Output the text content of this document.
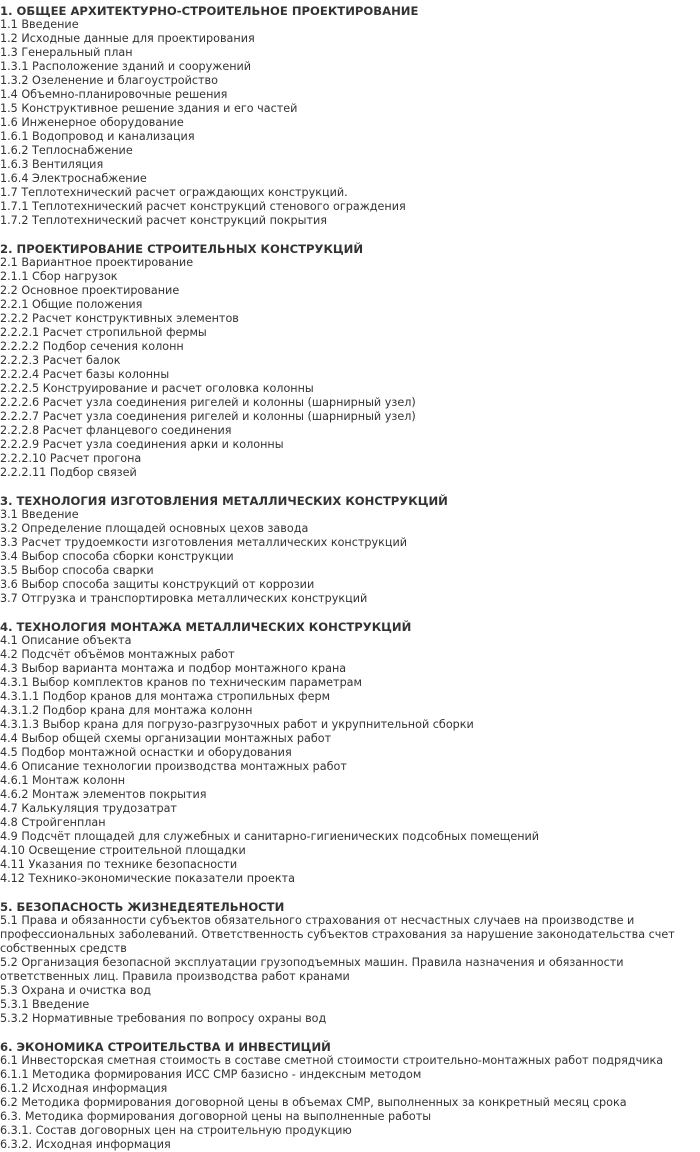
1. ОБЩЕЕ АРХИТЕКТУРНО-СТРОИТЕЛЬНОЕ ПРОЕКТИРОВАНИЕ
1.1 Введение
1.2 Исходные данные для проектирования
1.3 Генеральный план
1.3.1 Расположение зданий и сооружений
1.3.2 Озеленение и благоустройство
1.4 Объемно-планировочные решения
1.5 Конструктивное решение здания и его частей
1.6 Инженерное оборудование
1.6.1 Водопровод и канализация
1.6.2 Теплоснабжение
1.6.3 Вентиляция
1.6.4 Электроснабжение
1.7 Теплотехнический расчет ограждающих конструкций.
1.7.1 Теплотехнический расчет конструкций стенового ограждения
1.7.2 Теплотехнический расчет конструкций покрытия
2. ПРОЕКТИРОВАНИЕ СТРОИТЕЛЬНЫХ КОНСТРУКЦИЙ
2.1 Вариантное проектирование
2.1.1 Сбор нагрузок
2.2 Основное проектирование
2.2.1 Общие положения
2.2.2 Расчет конструктивных элементов
2.2.2.1 Расчет стропильной фермы
2.2.2.2 Подбор сечения колонн
2.2.2.3 Расчет балок
2.2.2.4 Расчет базы колонны
2.2.2.5 Конструирование и расчет оголовка колонны
2.2.2.6 Расчет узла соединения ригелей и колонны (шарнирный узел)
2.2.2.7 Расчет узла соединения ригелей и колонны (шарнирный узел)
2.2.2.8 Расчет фланцевого соединения
2.2.2.9 Расчет узла соединения арки и колонны
2.2.2.10 Расчет прогона
2.2.2.11 Подбор связей
3. ТЕХНОЛОГИЯ ИЗГОТОВЛЕНИЯ МЕТАЛЛИЧЕСКИХ КОНСТРУКЦИЙ
3.1 Введение
3.2 Определение площадей основных цехов завода
3.3 Расчет трудоемкости изготовления металлических конструкций
3.4 Выбор способа сборки конструкции
3.5 Выбор способа сварки
3.6 Выбор способа защиты конструкций от коррозии
3.7 Отгрузка и транспортировка металлических конструкций
4. ТЕХНОЛОГИЯ МОНТАЖА МЕТАЛЛИЧЕСКИХ КОНСТРУКЦИЙ
4.1 Описание объекта
4.2 Подсчёт объёмов монтажных работ
4.3 Выбор варианта монтажа и подбор монтажного крана
4.3.1 Выбор комплектов кранов по техническим параметрам
4.3.1.1 Подбор кранов для монтажа стропильных ферм
4.3.1.2 Подбор крана для монтажа колонн
4.3.1.3 Выбор крана для погрузо-разгрузочных работ и укрупнительной сборки
4.4 Выбор общей схемы организации монтажных работ
4.5 Подбор монтажной оснастки и оборудования
4.6 Описание технологии производства монтажных работ
4.6.1 Монтаж колонн
4.6.2 Монтаж элементов покрытия
4.7 Калькуляция трудозатрат
4.8 Стройгенплан
4.9 Подсчёт площадей для служебных и санитарно-гигиенических подсобных помещений
4.10 Освещение строительной площадки
4.11 Указания по технике безопасности
4.12 Технико-экономические показатели проекта
5. БЕЗОПАСНОСТЬ ЖИЗНЕДЕЯТЕЛЬНОСТИ
5.1 Права и обязанности субъектов обязательного страхования от несчастных случаев на производстве и профессиональных заболеваний. Ответственность субъектов страхования за нарушение законодательства счет собственных средств
5.2 Организация безопасной эксплуатации грузоподъемных машин. Правила назначения и обязанности ответственных лиц. Правила производства работ кранами
5.3 Охрана и очистка вод
5.3.1 Введение
5.3.2 Нормативные требования по вопросу охраны вод
6. ЭКОНОМИКА СТРОИТЕЛЬСТВА И ИНВЕСТИЦИЙ
6.1 Инвесторская сметная стоимость в составе сметной стоимости строительно-монтажных работ подрядчика
6.1.1 Методика формирования ИСС СМР базисно - индексным методом
6.1.2 Исходная информация
6.2 Методика формирования договорной цены в объемах СМР, выполненных за конкретный месяц срока
6.3. Методика формирования договорной цены на выполненные работы
6.3.1. Состав договорных цен на строительную продукцию
6.3.2. Исходная информация
